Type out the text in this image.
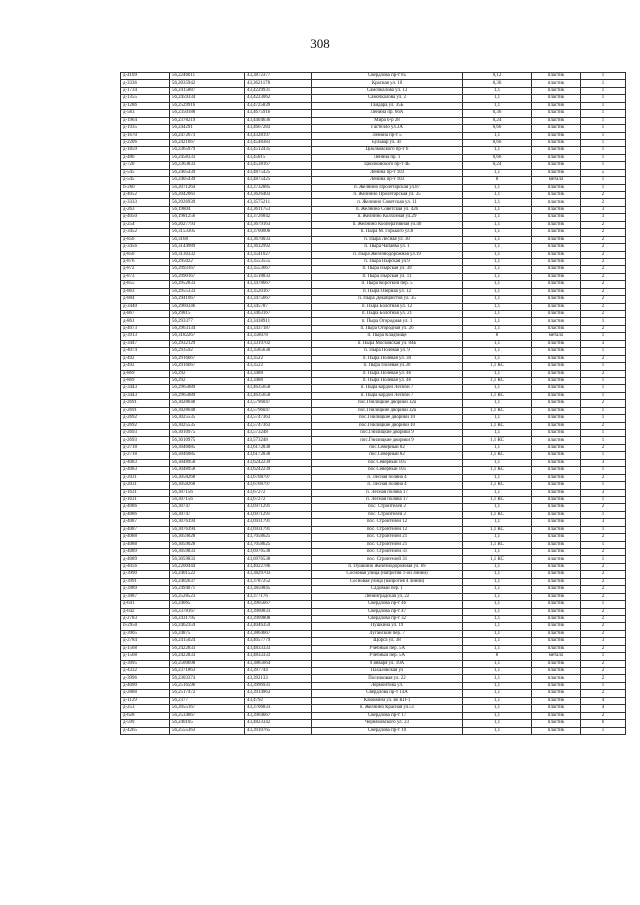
308
д-4109	56,2246611	43,3872377	Свердлова пр-т 85	0,12	пластик	1
д-3336	56,2035942	43,3621178	Красная ул. 10	0,36	пластик	1
д-1734	56,2415887	43,4229931	Самочкалова ул. 13	1,1	пластик	1
д-1355	56,2459334	43,4223062	Самочкалова ул. 2	1,1	пластик	1
д-1286	56,2529916	43,4725839	Гайдара ул. 35Б	1,1	пластик	1
д-583	56,2350188	43,4675916	Ленина пр. 66А	0,36	пластик	1
д-1964	56,2378219	43,4404636	Мира б-р 28	0,24	пластик	1
д-1935	56,244291	43,4667283	Гастелло ул.3А	0,66	пластик	1
д-1670	56,2472673	43,4328197	Ленина пр-т 5	1,1	пластик	1
д-2206	56,2421667	43,4548383	Бульвар ул. 4Г	0,66	пластик	1
д-1859	56,2365979	43,4512435	Циолковского пр-т 6	1,1	пластик	1
д-486	56,2458333	43,45815	Ленина пр. 1	0,66	пластик	1
д-720	56,2363833	43,4538167	Циолковского пр-т 4Б	0,24	пластик	1
д-545	56,2405439	43,4875425	Ленина пр-т 103	1,1	пластик	5
д-545	56,2405439	43,4875425	Ленина пр-т 103	8	металл	1
п-260	56,2071264	43,3732885	п. Желнино Пролетарская ул.87	1,1	пластик	1
д-4052	56,2042061	43,3626403	п. Желнино Пролетарская ул. 35	1,1	пластик	2
д-3333	56,2026939	43,3575211	п. Желнино Советская ул. 11	1,1	пластик	2
д-263	56,19804	43,3611753	п. Желнино Советская ул. 42б	1,1	пластик	3
д-4050	56,1981256	43,3726842	п. Желнино Колхозная ул.29	1,1	пластик	3
д-254	56,2027793	43,3679163	п. Желнино Кооперативная ул.40	1,1	пластик	2
д-3452	56,3153305	43,3700006	п. Пыра М. Горького ул.8	1,1	пластик	2
д-856	56,3168	43,3670033	п. Пыра Лесная ул. 30	1,1	пластик	2
д-3456	56,3144989	43,3632992	п. Пыра Чапаева ул. 1	1,1	пластик	2
д-850	56,3130332	43,3541027	п. Пыра Железнодорожная ул.19	1,1	пластик	2
д-876	56,295022	43,3553555	п. Пыра Пырская ул.9	1,1	пластик	2
д-872	56,2993167	43,3553667	п. Пыра Пырская ул. 39	1,1	пластик	2
д-873	56,2990167	43,3518833	п. Пыра Пырская ул. 11	1,1	пластик	2
д-855	56,2952833	43,3478667	п. Пыра Короткий пер. 5	1,1	пластик	2
д-863	56,2955333	43,3520167	п. Пыра Озерная ул. 12	1,1	пластик	2
д-884	56,2941667	43,3475667	п. Пыра Декабристов ул. 35	1,1	пластик	2
д-3440	56,2960346	43,345787	п. Пыра Болотная ул. 12	1,1	пластик	2
д-867	56,29815	43,3463167	п. Пыра Болотная ул. 21	1,1	пластик	2
д-861	56,293377	43,3438911	п. Пыра Огородная ул. 1	1,1	пластик	1
д-4073	56,2963134	43,3437187	п. Пыра Огородная ул. 26	1,1	пластик	2
д-3913	56,3182267	43,358078	п. Пыра Кладбище	8	металл	1
д-3447	56,2932129	43,3319702	п. Пыра Московская ул. 84Б	1,1	пластик	3
д-4074	56,293592	43,3585638	п. Пыра Полевая ул. 9	1,1	пластик	1
д-492	56,2916667	43,3522	п. Пыра Полевая ул. 30	1,1	пластик	2
д-492	56,2916667	43,3522	п. Пыра Полевая ул.30	1,1 КС	пластик	1
д-869	56,292	43,3488	п. Пыра Полевая ул. 46	1,1	пластик	2
д-869	56,292	43,3488	п. Пыра Полевая ул. 46	1,1 КС	пластик	1
д-3443	56,2965889	43,4635658	п. Пыра кордон Лесной 7	1,1	пластик	1
д-3443	56,2965889	43,4635658	п. Пыра кордон Лесной 7	1,1 КС	пластик	1
д-2691	56,3028648	43,5796047	пос.Гнилицкие дворики 32а	1,1	пластик	2
д-2691	56,3028648	43,5796047	пос.Гнилицкие дворики 32а	1,1 КС	пластик	1
д-2692	56,3025535	43,5747363	пос.Гнилицкие дворики 10	1,1	пластик	1
д-2692	56,3025535	43,5747363	пос.Гнилицкие дворики 10	1,1 КС	пластик	2
д-2693	56,3010975	43,573248	пос.Гнилицкие дворики 9	1,1	пластик	1
д-2693	56,3010975	43,573248	пос.Гнилицкие дворики 9	1,1 КС	пластик	1
д-2718	56,3046085	43,6172838	пос.Северный 82	1,1	пластик	2
д-2718	56,3046085	43,6172838	пос.Северный 82	1,1 КС	пластик	1
д-4083	56,3048958	43,6242239	пос.Северный 105	1,1	пластик	3
д-4083	56,3048958	43,6242239	пос.Северный 105	1,1 КС	пластик	1
д-2031	56,3058268	43,6708797	п. Лесная поляна 4	1,1	пластик	2
д-2031	56,3058268	43,6708797	п. Лесная поляна 4	1,1 КС	пластик	1
д-1631	56,307156	43,67272	п. Лесная поляна 17	1,1	пластик	3
д-1631	56,307156	43,67272	п. Лесная поляна 17	1,1 КС	пластик	1
д-4086	56,30747	43,6971291	пос. Строителей 2	1,1	пластик	2
д-4086	56,30747	43,6971291	пос. Строителей 2	1,1 КС	пластик	1
д-4087	56,3076394	43,6931791	пос. Строителей 12	1,1	пластик	3
д-4087	56,3076394	43,6931791	пос. Строителей 12	1,1 КС	пластик	1
д-4088	56,3059028	43,7058625	пос. Строителей 21	1,1	пластик	2
д-4088	56,3059028	43,7058625	пос. Строителей 21	1,1 КС	пластик	1
д-4089	56,3059833	43,6976538	пос. Строителей 31	1,1	пластик	2
д-4089	56,3059833	43,6976538	пос. Строителей 31	1,1 КС	пластик	1
д-4056	56,2200444	43,4022786	п. Пушкино Железнодорожная ул. 69	1,1	пластик	2
д-3990	56,2401522	43,3829703	Сосновая улица (напротив 1-ой линии)	1,1	пластик	2
д-3991	56,2402637	43,3787252	Сосновая улица (напротив 4 линии)	1,1	пластик	2
д-3989	56,2494071	43,3850845	Садовый пер. 1	1,1	пластик	2
д-3987	56,2528523	43,377176	Ленинградская ул. 22	1,1	пластик	2
д-641	56,24065	43,3905667	Свердлова пр-т 46	1,1	пластик	1
д-642	56,2378167	43,3900833	Свердлова пр-т 47	1,1	пластик	2
д-2783	56,2431795	43,3909808	Свердлова пр-т 32	1,1	пластик	2
п-2950	56,2462359	43,4046359	Пушкина ул. 19	1,1	пластик	2
д-3905	56,24875	43,3864667	Луганский пер. 7	1,1	пластик	2
д-2784	56,2415024	43,4057779	Щорса ул. 38	1,1	пластик	3
д-1568	56,2422833	43,4833333	Учебный пер. 5А	1,1	пластик	2
д-1568	56,2422833	43,4833333	Учебный пер. 5А	8	металл	1
д-3995	56,2500698	43,3885664	9 января ул. 10А	1,1	пластик	2
д-4332	56,2371863	43,397744	Пахаловская ул	1,1	пластик	2
д-3996	56,2303374	43,392133	Поселковая ул. 22	1,1	пластик	2
д-4090	56,2516596	43,3996931	Лермонтова ул.	1,1	пластик	1
д-2888	56,2517472	43,3914963	Свердлова пр-т 14А	1,1	пластик	2
д-1129	56,2377	43,4792	Клюквина ул. во КП-1	1,1	пластик	4
д-253	56,2055167	43,3706833	п. Желнино Красная ул.51	1,1	пластик	4
д-628	56,2534667	43,3904667	Свердлова пр-т 17	1,1	пластик	2
д-599	56,240105	43,4823342	Черняховского ул. 23	1,1	пластик	6
д-4265	56,2555363	43,3910765	Свердлова пр-т 10	1,1	пластик	1
